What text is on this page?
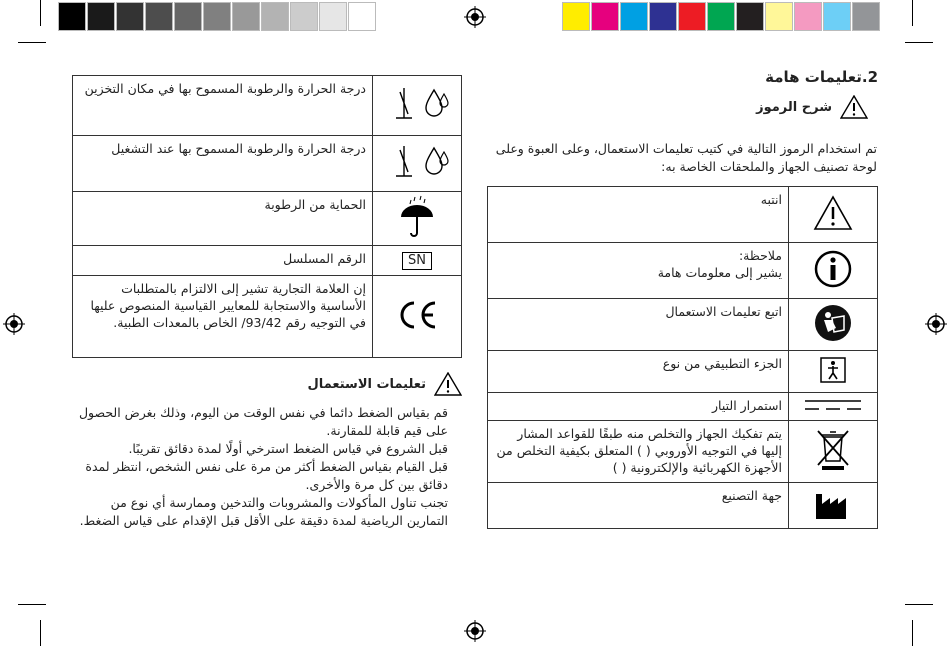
2.تعليمات هامة
شرح الرموز
تم استخدام الرموز التالية في كتيب تعليمات الاستعمال، وعلى العبوة وعلى لوحة تصنيف الجهاز والملحقات الخاصة به:
	انتبه
	ملاحظة:
يشير إلى معلومات هامة
	اتبع تعليمات الاستعمال
	الجزء التطبيقي من نوع
	استمرار التيار
	يتم تفكيك الجهاز والتخلص منه طبقًا للقواعد المشار إليها في التوجيه الأوروبي ( ) المتعلق بكيفية التخلص من الأجهزة الكهربائية والإلكترونية ( )
	جهة التصنيع
	درجة الحرارة والرطوبة المسموح بها في مكان التخزين
	درجة الحرارة والرطوبة المسموح بها عند التشغيل
	الحماية من الرطوبة
SN	الرقم المسلسل
	إن العلامة التجارية تشير إلى الالتزام بالمتطلبات الأساسية والاستجابة للمعايير القياسية المنصوص عليها في التوجيه رقم 93/42/ الخاص بالمعدات الطبية.
تعليمات الاستعمال
قم بقياس الضغط دائما في نفس الوقت من اليوم، وذلك بغرض الحصول على قيم قابلة للمقارنة.
قبل الشروع في قياس الضغط استرخي أولًا لمدة دقائق تقريبًا.
قبل القيام بقياس الضغط أكثر من مرة على نفس الشخص، انتظر لمدة دقائق بين كل مرة والأخرى.
تجنب تناول المأكولات والمشروبات والتدخين وممارسة أي نوع من التمارين الرياضية لمدة دقيقة على الأقل قبل الإقدام على قياس الضغط.
